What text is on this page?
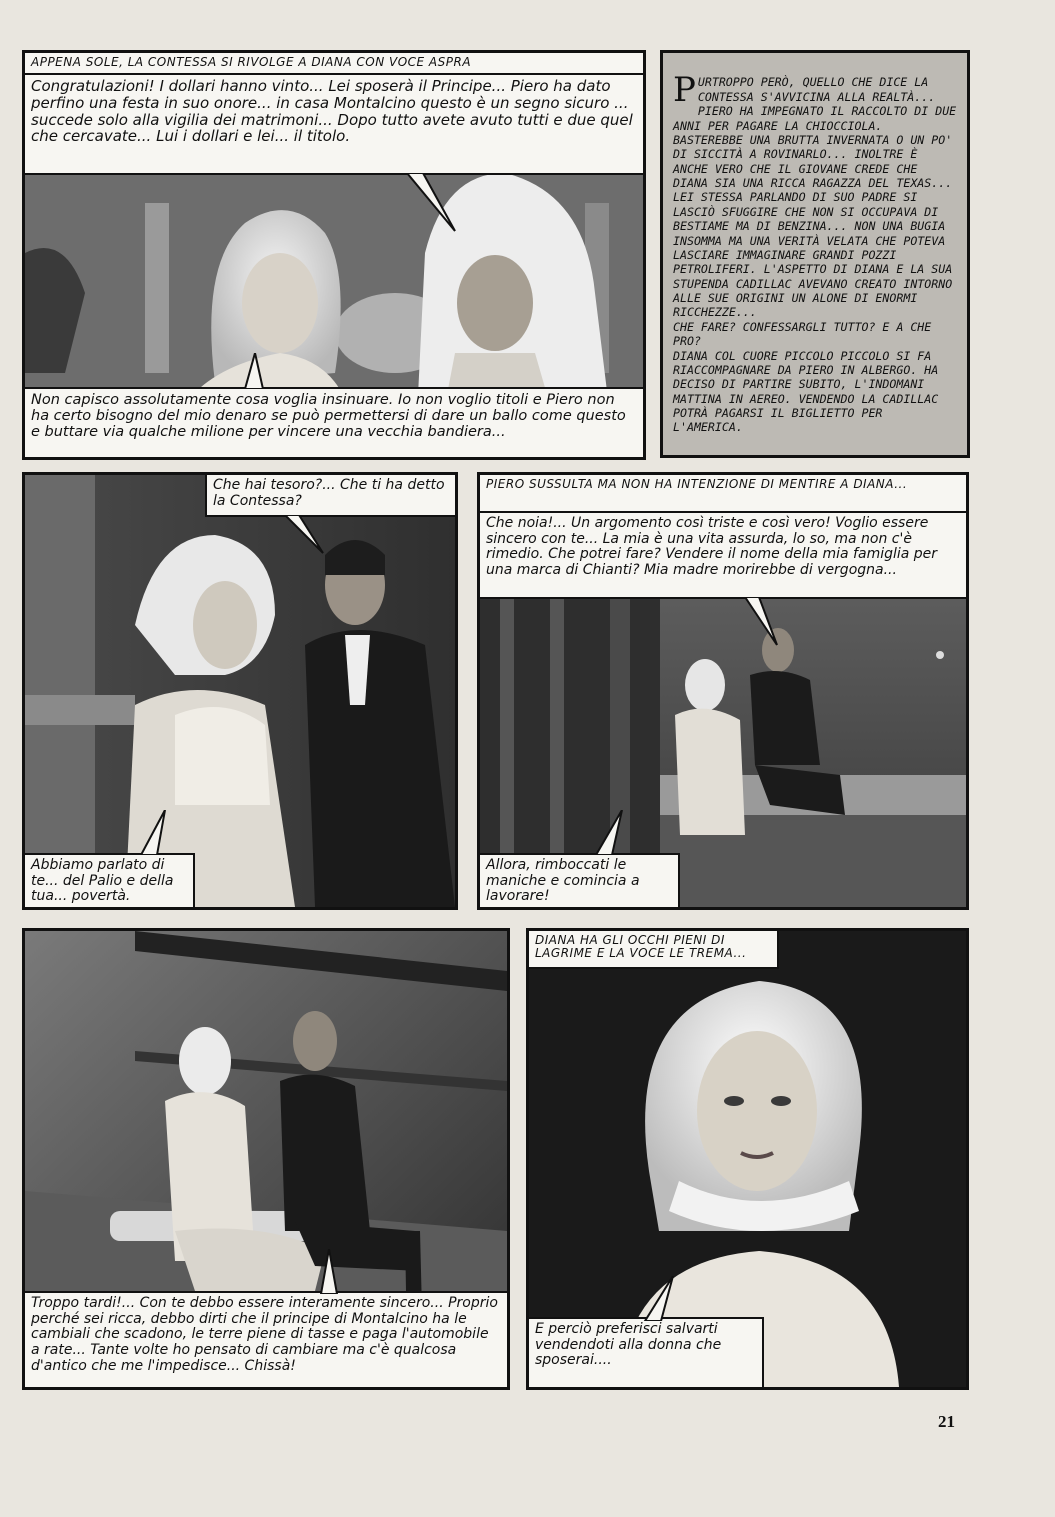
APPENA SOLE, LA CONTESSA SI RIVOLGE A DIANA CON VOCE ASPRA
Congratulazioni! I dollari hanno vinto... Lei sposerà il Principe... Piero ha dato perfino una festa in suo onore... in casa Montalcino questo è un segno sicuro ... succede solo alla vigilia dei matrimoni... Dopo tutto avete avuto tutti e due quel che cercavate... Lui i dollari e lei... il titolo.
Non capisco assolutamente cosa voglia insinuare. Io non voglio titoli e Piero non ha certo bisogno del mio denaro se può permettersi di dare un ballo come questo e buttare via qualche milione per vincere una vecchia bandiera...

PURTROPPO PERÒ, QUELLO CHE DICE LA CONTESSA S'AVVICINA ALLA REALTÀ... PIERO HA IMPEGNATO IL RACCOLTO DI DUE ANNI PER PAGARE LA CHIOCCIOLA. BASTEREBBE UNA BRUTTA INVERNATA O UN PO' DI SICCITÀ A ROVINARLO... INOLTRE È ANCHE VERO CHE IL GIOVANE CREDE CHE DIANA SIA UNA RICCA RAGAZZA DEL TEXAS... LEI STESSA PARLANDO DI SUO PADRE SI LASCIÒ SFUGGIRE CHE NON SI OCCUPAVA DI BESTIAME MA DI BENZINA... NON UNA BUGIA INSOMMA MA UNA VERITÀ VELATA CHE POTEVA LASCIARE IMMAGINARE GRANDI POZZI PETROLIFERI. L'ASPETTO DI DIANA E LA SUA STUPENDA CADILLAC AVEVANO CREATO INTORNO ALLE SUE ORIGINI UN ALONE DI ENORMI RICCHEZZE...
CHE FARE? CONFESSARGLI TUTTO? E A CHE PRO?
DIANA COL CUORE PICCOLO PICCOLO SI FA RIACCOMPAGNARE DA PIERO IN ALBERGO. HA DECISO DI PARTIRE SUBITO, L'INDOMANI MATTINA IN AEREO. VENDENDO LA CADILLAC POTRÀ PAGARSI IL BIGLIETTO PER L'AMERICA.

Che hai tesoro?... Che ti ha detto la Contessa?
Abbiamo parlato di te... del Palio e della tua... povertà.
PIERO SUSSULTA MA NON HA INTENZIONE DI MENTIRE A DIANA...
Che noia!... Un argomento così triste e così vero! Voglio essere sincero con te... La mia è una vita assurda, lo so, ma non c'è rimedio. Che potrei fare? Vendere il nome della mia famiglia per una marca di Chianti? Mia madre morirebbe di vergogna...
Allora, rimboccati le maniche e comincia a lavorare!
Troppo tardi!... Con te debbo essere interamente sincero... Proprio perché sei ricca, debbo dirti che il principe di Montalcino ha le cambiali che scadono, le terre piene di tasse e paga l'automobile a rate... Tante volte ho pensato di cambiare ma c'è qualcosa d'antico che me l'impedisce... Chissà!
DIANA HA GLI OCCHI PIENI DI LAGRIME E LA VOCE LE TREMA...
E perciò preferisci salvarti vendendoti alla donna che sposerai....
21
